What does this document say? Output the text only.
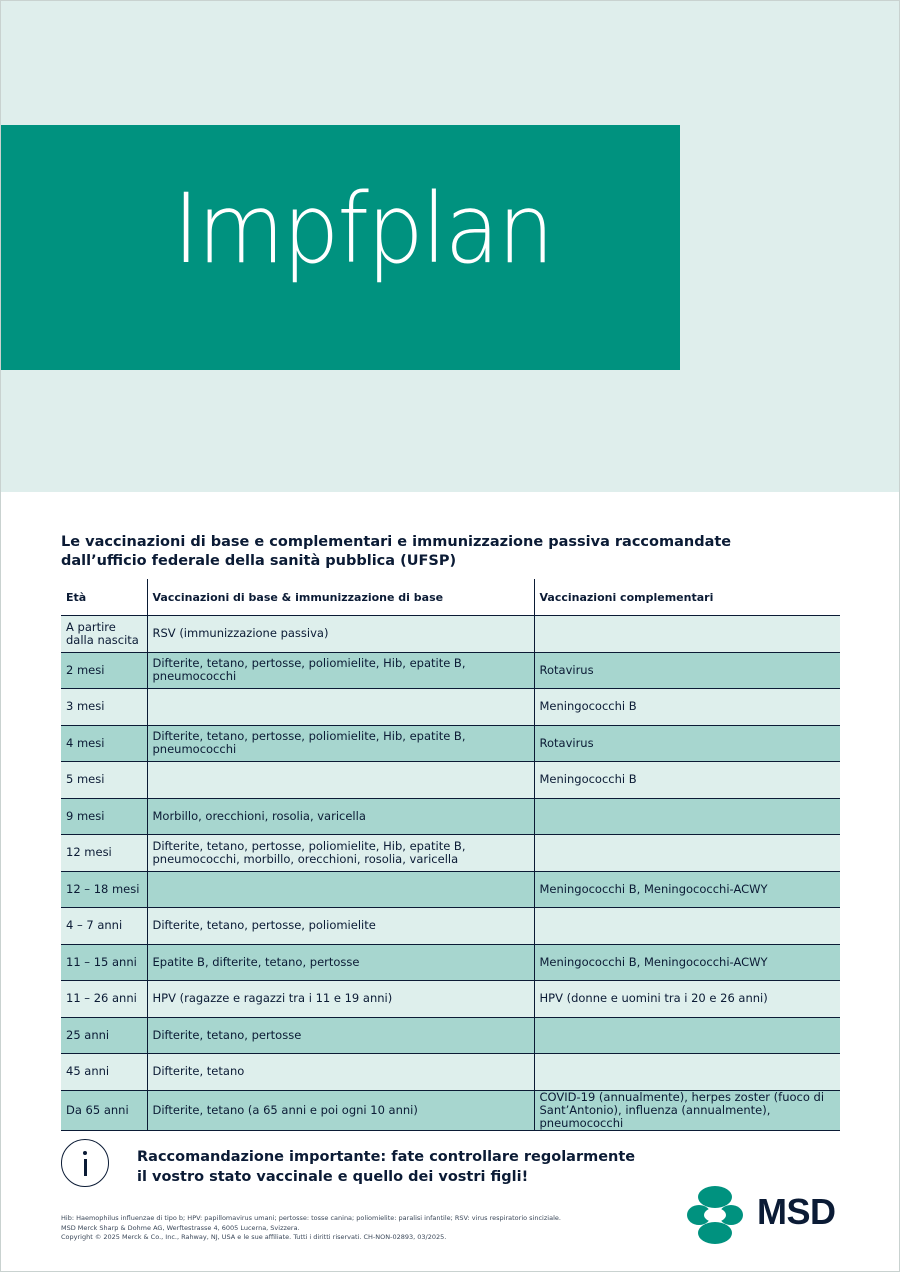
Impfplan
Le vaccinazioni di base e complementari e immunizzazione passiva raccomandate dall’ufficio federale della sanità pubblica (UFSP)
Età	Vaccinazioni di base & immunizzazione di base	Vaccinazioni complementari
A partire dalla nascita	RSV (immunizzazione passiva)	
2 mesi	Difterite, tetano, pertosse, poliomielite, Hib, epatite B, pneumococchi	Rotavirus
3 mesi		Meningococchi B
4 mesi	Difterite, tetano, pertosse, poliomielite, Hib, epatite B, pneumococchi	Rotavirus
5 mesi		Meningococchi B
9 mesi	Morbillo, orecchioni, rosolia, varicella	
12 mesi	Difterite, tetano, pertosse, poliomielite, Hib, epatite B, pneumococchi, morbillo, orecchioni, rosolia, varicella	
12 – 18 mesi		Meningococchi B, Meningococchi-ACWY
4 – 7 anni	Difterite, tetano, pertosse, poliomielite	
11 – 15 anni	Epatite B, difterite, tetano, pertosse	Meningococchi B, Meningococchi-ACWY
11 – 26 anni	HPV (ragazze e ragazzi tra i 11 e 19 anni)	HPV (donne e uomini tra i 20 e 26 anni)
25 anni	Difterite, tetano, pertosse	
45 anni	Difterite, tetano	
Da 65 anni	Difterite, tetano (a 65 anni e poi ogni 10 anni)	COVID-19 (annualmente), herpes zoster (fuoco di Sant’Antonio), influenza (annualmente), pneumococchi
Raccomandazione importante: fate controllare regolarmente
il vostro stato vaccinale e quello dei vostri figli!
Hib: Haemophilus influenzae di tipo b; HPV: papillomavirus umani; pertosse: tosse canina; poliomielite: paralisi infantile; RSV: virus respiratorio sinciziale.
MSD Merck Sharp & Dohme AG, Werftestrasse 4, 6005 Lucerna, Svizzera.
Copyright © 2025 Merck & Co., Inc., Rahway, NJ, USA e le sue affiliate. Tutti i diritti riservati. CH-NON-02893, 03/2025.
MSD
